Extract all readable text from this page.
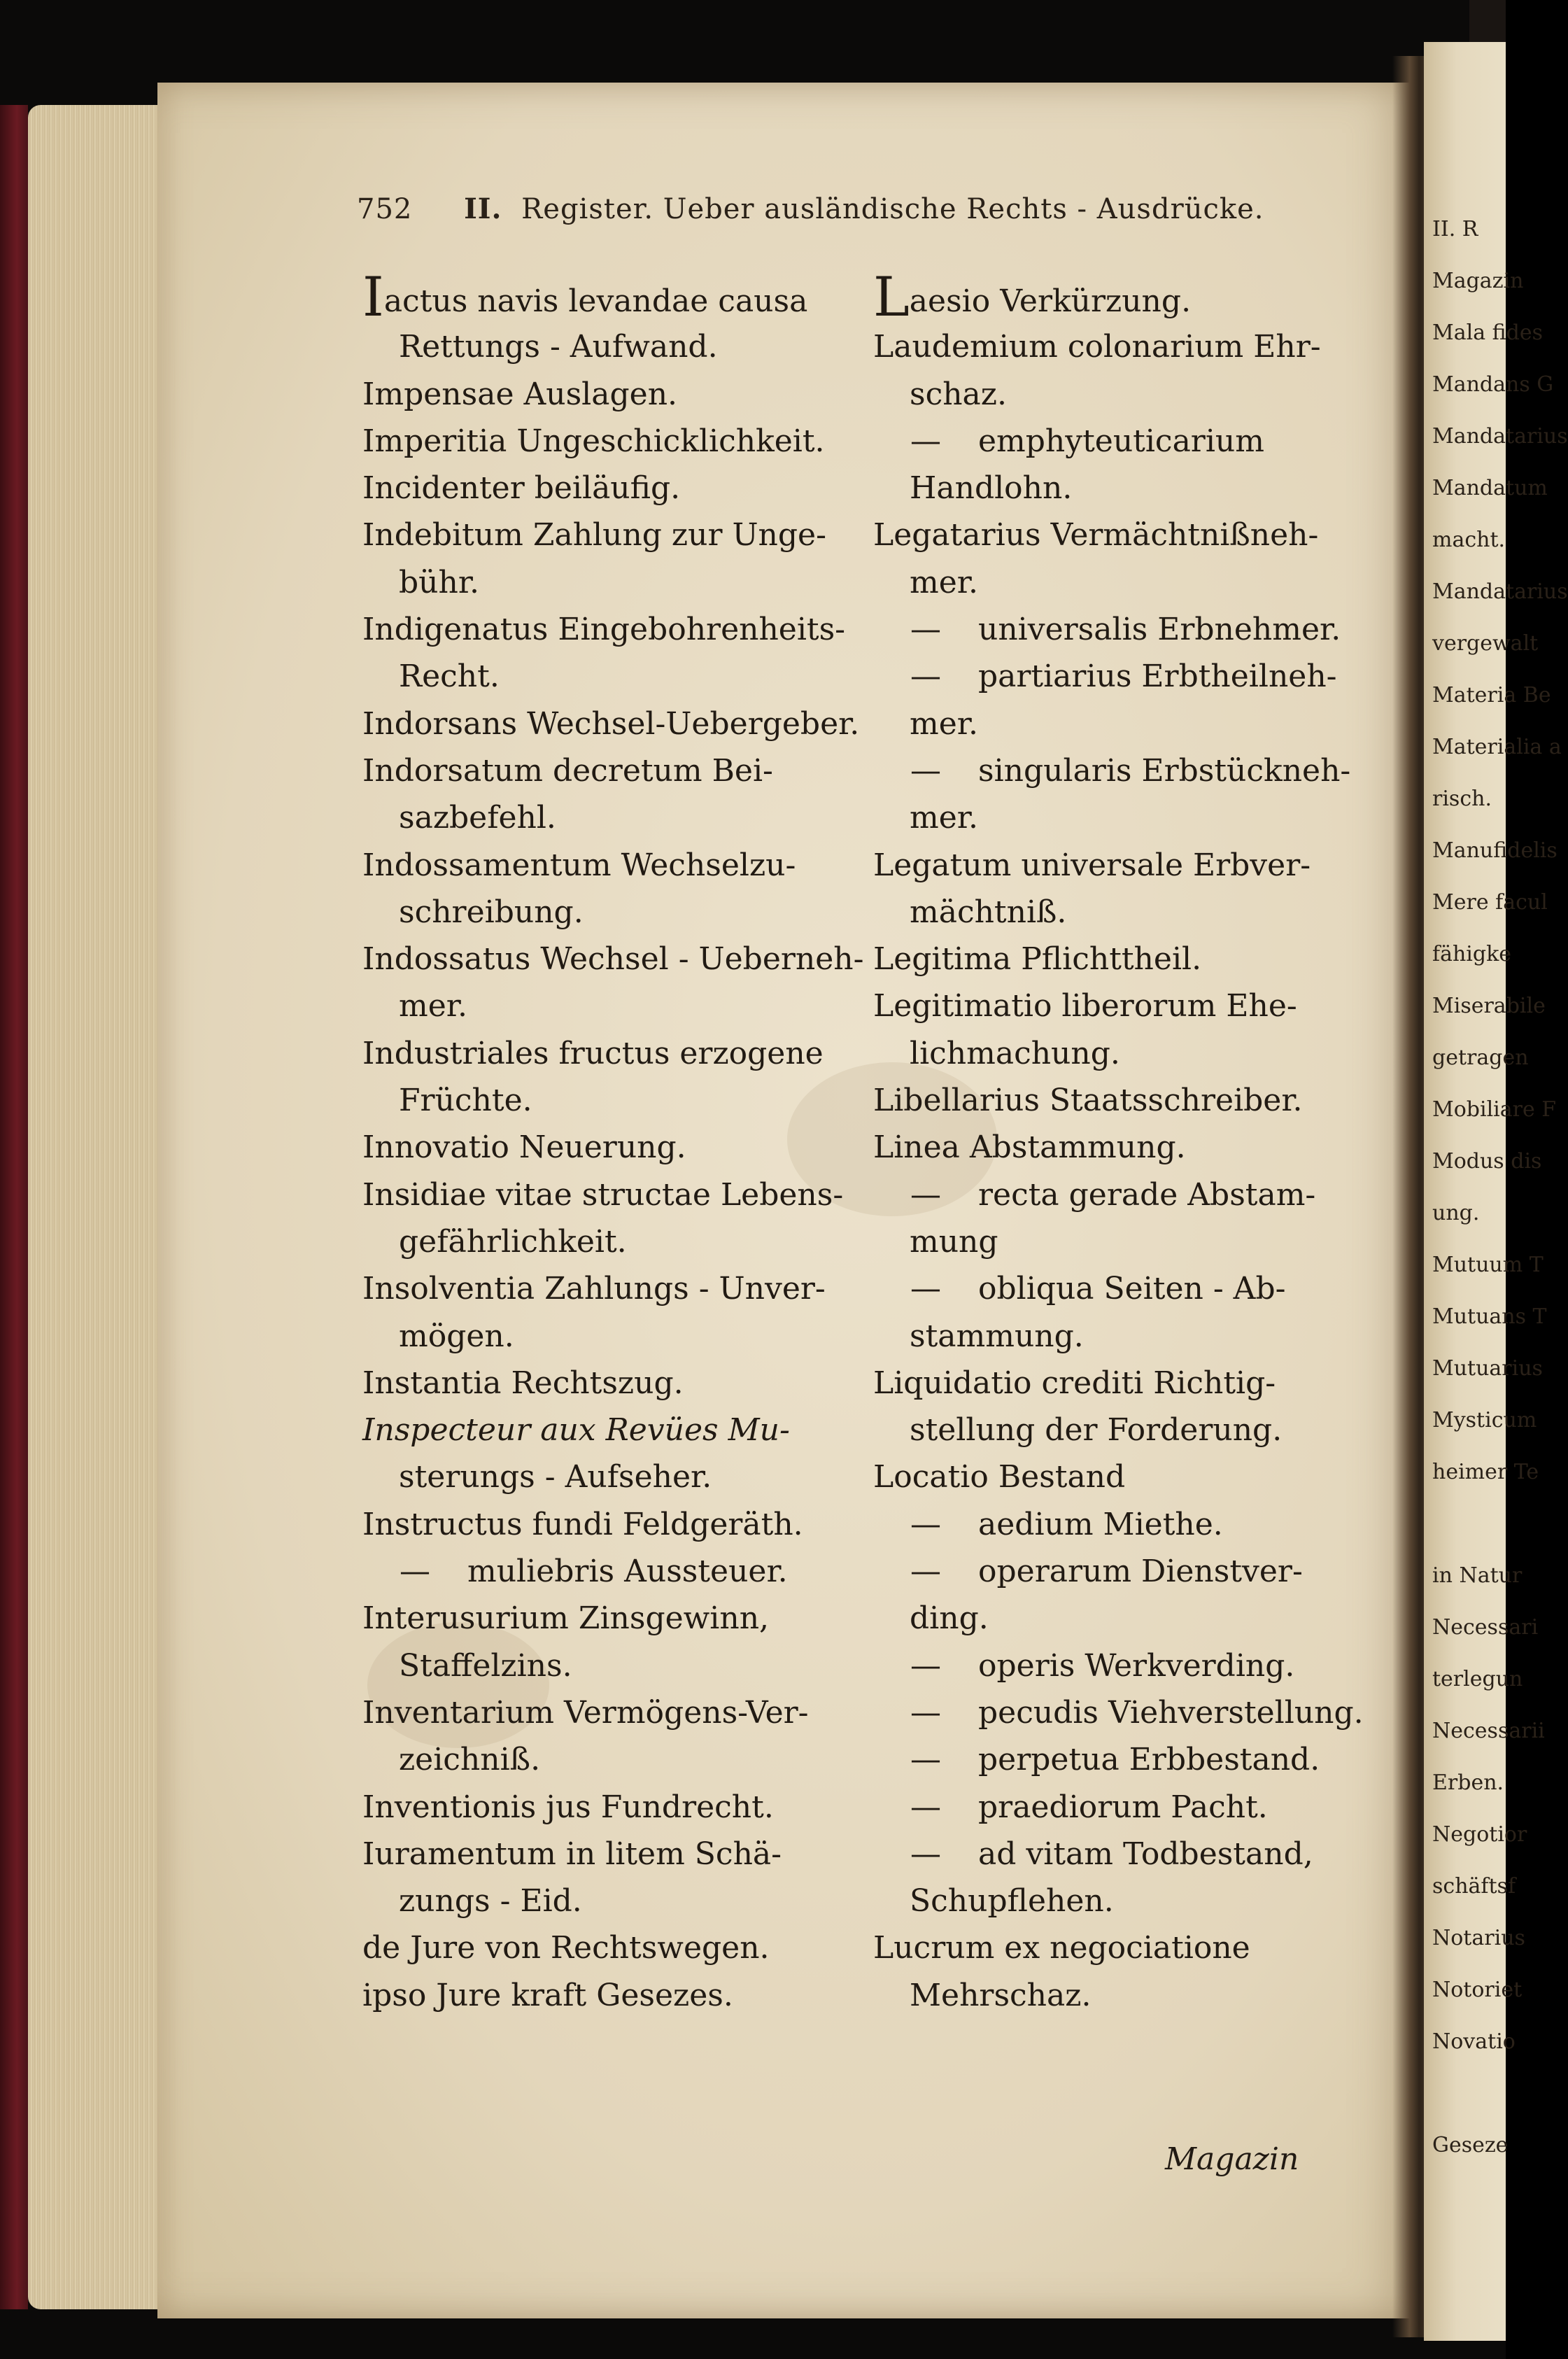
752 II. Register. Ueber ausländische Rechts - Ausdrücke.
Iactus navis levandae causa
Rettungs - Aufwand.
Impensae Auslagen.
Imperitia Ungeschicklichkeit.
Incidenter beiläufig.
Indebitum Zahlung zur Unge-
bühr.
Indigenatus Eingebohrenheits-
Recht.
Indorsans Wechsel-Uebergeber.
Indorsatum decretum Bei-
sazbefehl.
Indossamentum Wechselzu-
schreibung.
Indossatus Wechsel - Ueberneh-
mer.
Industriales fructus erzogene
Früchte.
Innovatio Neuerung.
Insidiae vitae structae Lebens-
gefährlichkeit.
Insolventia Zahlungs - Unver-
mögen.
Instantia Rechtszug.
Inspecteur aux Revües Mu-
sterungs - Aufseher.
Instructus fundi Feldgeräth.
— muliebris Aussteuer.
Interusurium Zinsgewinn,
Staffelzins.
Inventarium Vermögens-Ver-
zeichniß.
Inventionis jus Fundrecht.
Iuramentum in litem Schä-
zungs - Eid.
de Jure von Rechtswegen.
ipso Jure kraft Gesezes.
Laesio Verkürzung.
Laudemium colonarium Ehr-
schaz.
— emphyteuticarium
Handlohn.
Legatarius Vermächtnißneh-
mer.
— universalis Erbnehmer.
— partiarius Erbtheilneh-
mer.
— singularis Erbstückneh-
mer.
Legatum universale Erbver-
mächtniß.
Legitima Pflichttheil.
Legitimatio liberorum Ehe-
lichmachung.
Libellarius Staatsschreiber.
Linea Abstammung.
— recta gerade Abstam-
mung
— obliqua Seiten - Ab-
stammung.
Liquidatio crediti Richtig-
stellung der Forderung.
Locatio Bestand
— aedium Miethe.
— operarum Dienstver-
ding.
— operis Werkverding.
— pecudis Viehverstellung.
— perpetua Erbbestand.
— praediorum Pacht.
— ad vitam Todbestand,
Schupflehen.
Lucrum ex negociatione
Mehrschaz.
Magazin
II. R
Magazin
Mala fides
Mandans G
Mandatarius
Mandatum
macht.
Mandatarius
vergewalt
Materia Be
Materialia a
risch.
Manufidelis
Mere facul
fähigke
Miserabile
getragen
Mobiliare F
Modus dis
ung.
Mutuum T
Mutuans T
Mutuarius
Mysticum
heimer Te
in Natur
Necessari
terlegun
Necessarii
Erben.
Negotior
schäftsf
Notarius
Notoriet
Novatio
Geseze
